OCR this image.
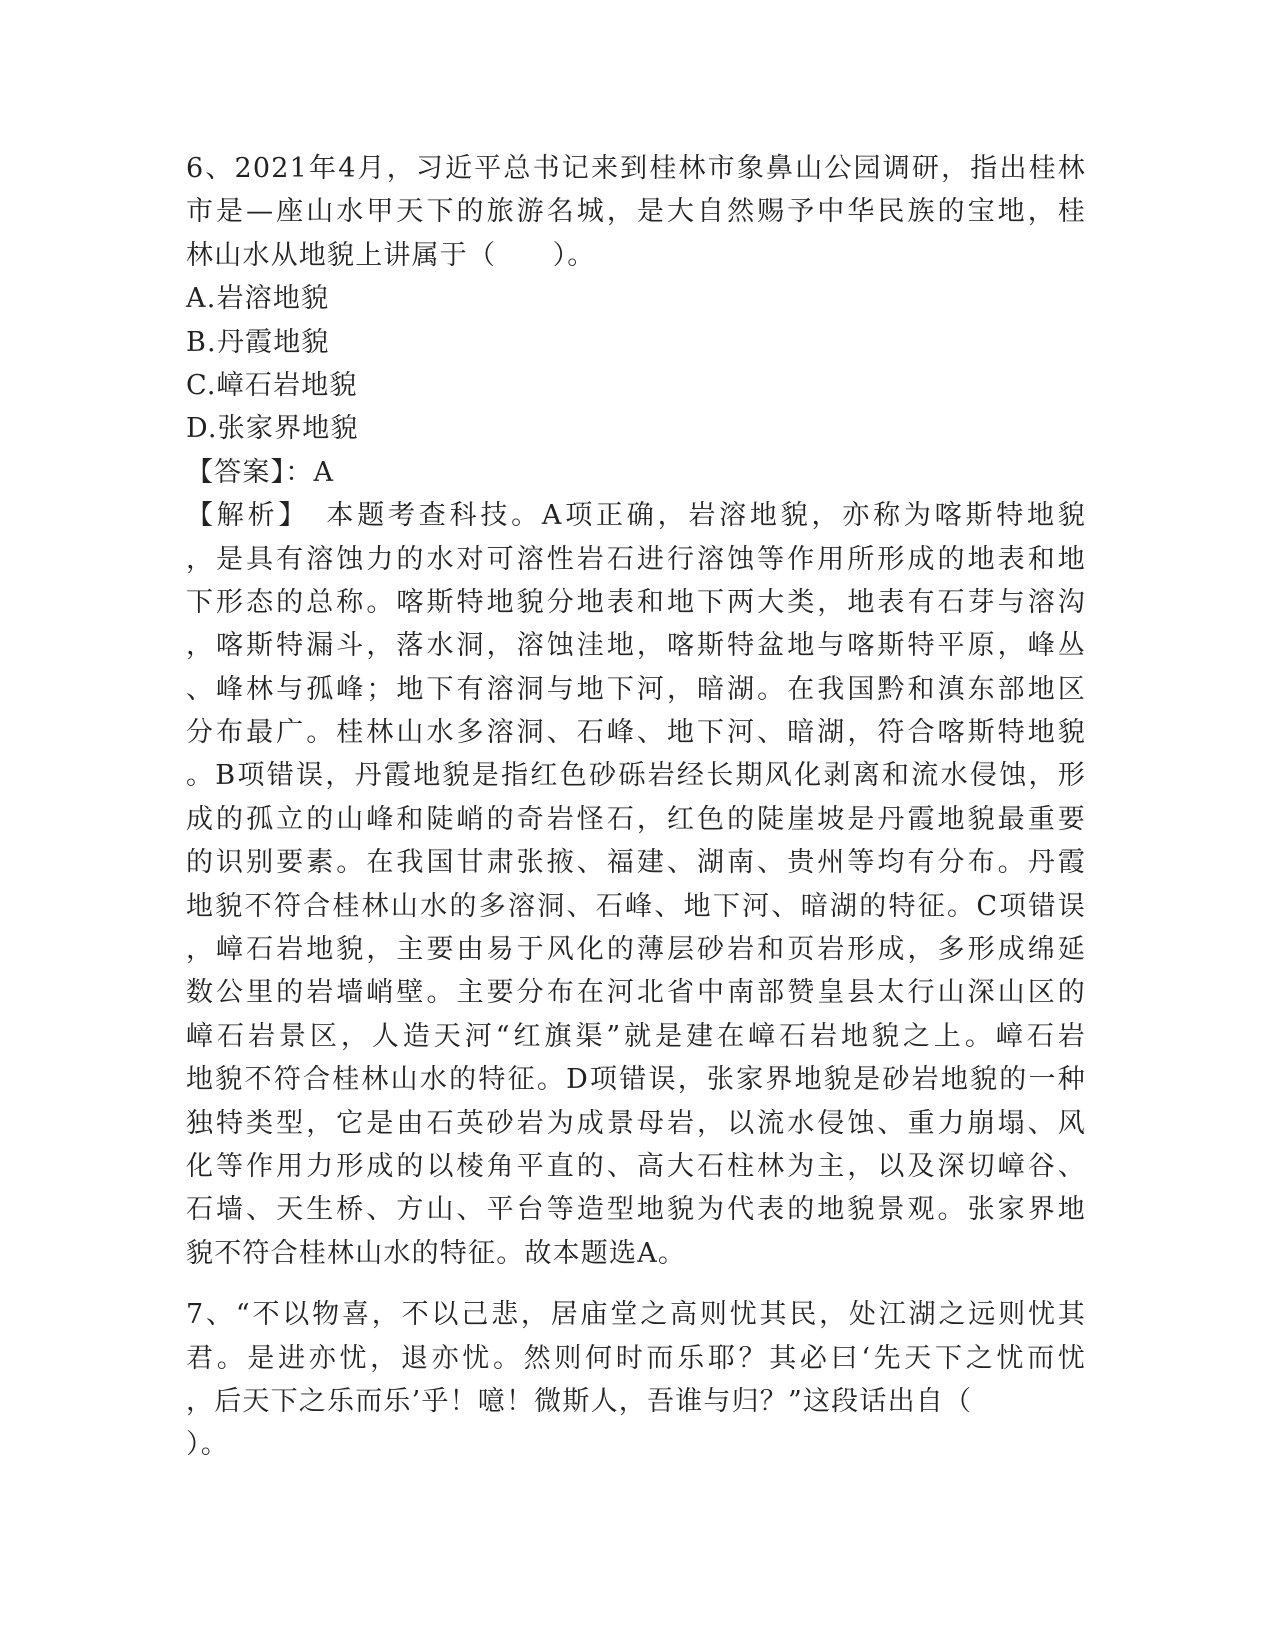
6、2021年4月，习近平总书记来到桂林市象鼻山公园调研，指出桂林
市是—座山水甲天下的旅游名城，是大自然赐予中华民族的宝地，桂
林山水从地貌上讲属于（　　）。
A.岩溶地貌
B.丹霞地貌
C.嶂石岩地貌
D.张家界地貌
【答案】：A
【解析】　本题考查科技。A项正确，岩溶地貌，亦称为喀斯特地貌
，是具有溶蚀力的水对可溶性岩石进行溶蚀等作用所形成的地表和地
下形态的总称。喀斯特地貌分地表和地下两大类，地表有石芽与溶沟
，喀斯特漏斗，落水洞，溶蚀洼地，喀斯特盆地与喀斯特平原，峰丛
、峰林与孤峰；地下有溶洞与地下河，暗湖。在我国黔和滇东部地区
分布最广。桂林山水多溶洞、石峰、地下河、暗湖，符合喀斯特地貌
。B项错误，丹霞地貌是指红色砂砾岩经长期风化剥离和流水侵蚀，形
成的孤立的山峰和陡峭的奇岩怪石，红色的陡崖坡是丹霞地貌最重要
的识别要素。在我国甘肃张掖、福建、湖南、贵州等均有分布。丹霞
地貌不符合桂林山水的多溶洞、石峰、地下河、暗湖的特征。C项错误
，嶂石岩地貌，主要由易于风化的薄层砂岩和页岩形成，多形成绵延
数公里的岩墙峭壁。主要分布在河北省中南部赞皇县太行山深山区的
嶂石岩景区，人造天河“红旗渠”就是建在嶂石岩地貌之上。嶂石岩
地貌不符合桂林山水的特征。D项错误，张家界地貌是砂岩地貌的一种
独特类型，它是由石英砂岩为成景母岩，以流水侵蚀、重力崩塌、风
化等作用力形成的以棱角平直的、高大石柱林为主，以及深切嶂谷、
石墙、天生桥、方山、平台等造型地貌为代表的地貌景观。张家界地
貌不符合桂林山水的特征。故本题选A。
7、“不以物喜，不以己悲，居庙堂之高则忧其民，处江湖之远则忧其
君。是进亦忧，退亦忧。然则何时而乐耶？其必曰‘先天下之忧而忧
，后天下之乐而乐’乎！噫！微斯人，吾谁与归？”这段话出自（
）。
